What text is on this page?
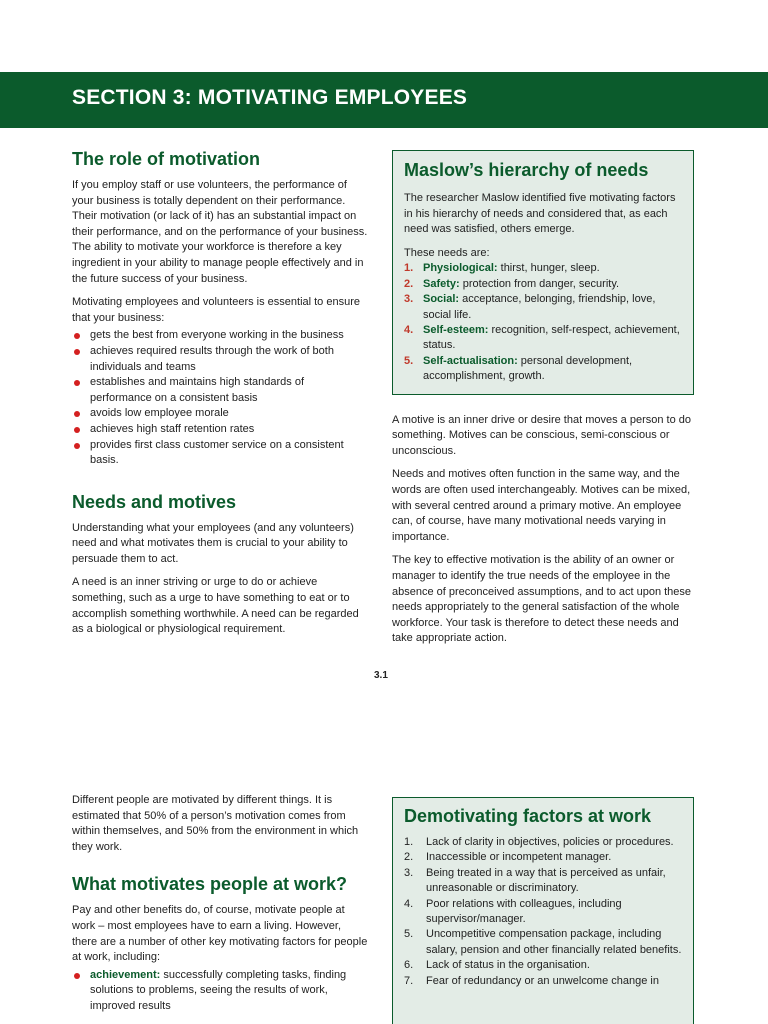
SECTION 3: MOTIVATING EMPLOYEES
The role of motivation

If you employ staff or use volunteers, the performance of your business is totally dependent on their performance. Their motivation (or lack of it) has an substantial impact on their performance, and on the performance of your business. The ability to motivate your workforce is therefore a key ingredient in your ability to manage people effectively and in the future success of your business.

Motivating employees and volunteers is essential to ensure that your business:

gets the best from everyone working in the business
achieves required results through the work of both individuals and teams
establishes and maintains high standards of performance on a consistent basis
avoids low employee morale
achieves high staff retention rates
provides first class customer service on a consistent basis.
Needs and motives

Understanding what your employees (and any volunteers) need and what motivates them is crucial to your ability to persuade them to act.

A need is an inner striving or urge to do or achieve something, such as a urge to have something to eat or to accomplish something worthwhile. A need can be regarded as a biological or physiological requirement.

Maslow’s hierarchy of needs

The researcher Maslow identified five motivating factors in his hierarchy of needs and considered that, as each need was satisfied, others emerge.

These needs are:

1. Physiological: thirst, hunger, sleep.
2. Safety: protection from danger, security.
3. Social: acceptance, belonging, friendship, love, social life.
4. Self-esteem: recognition, self-respect, achievement, status.
5. Self-actualisation: personal development, accomplishment, growth.

A motive is an inner drive or desire that moves a person to do something. Motives can be conscious, semi-conscious or unconscious.

Needs and motives often function in the same way, and the words are often used interchangeably. Motives can be mixed, with several centred around a primary motive. An employee can, of course, have many motivational needs varying in importance.

The key to effective motivation is the ability of an owner or manager to identify the true needs of the employee in the absence of preconceived assumptions, and to act upon these needs appropriately to the general satisfaction of the whole workforce. Your task is therefore to detect these needs and take appropriate action.

3.1

Different people are motivated by different things. It is estimated that 50% of a person’s motivation comes from within themselves, and 50% from the environment in which they work.

What motivates people at work?

Pay and other benefits do, of course, motivate people at work – most employees have to earn a living. However, there are a number of other key motivating factors for people at work, including:

achievement: successfully completing tasks, finding solutions to problems, seeing the results of work, improved results
Demotivating factors at work
1. Lack of clarity in objectives, policies or procedures.
2. Inaccessible or incompetent manager.
3. Being treated in a way that is perceived as unfair, unreasonable or discriminatory.
4. Poor relations with colleagues, including supervisor/manager.
5. Uncompetitive compensation package, including salary, pension and other financially related benefits.
6. Lack of status in the organisation.
7. Fear of redundancy or an unwelcome change in
